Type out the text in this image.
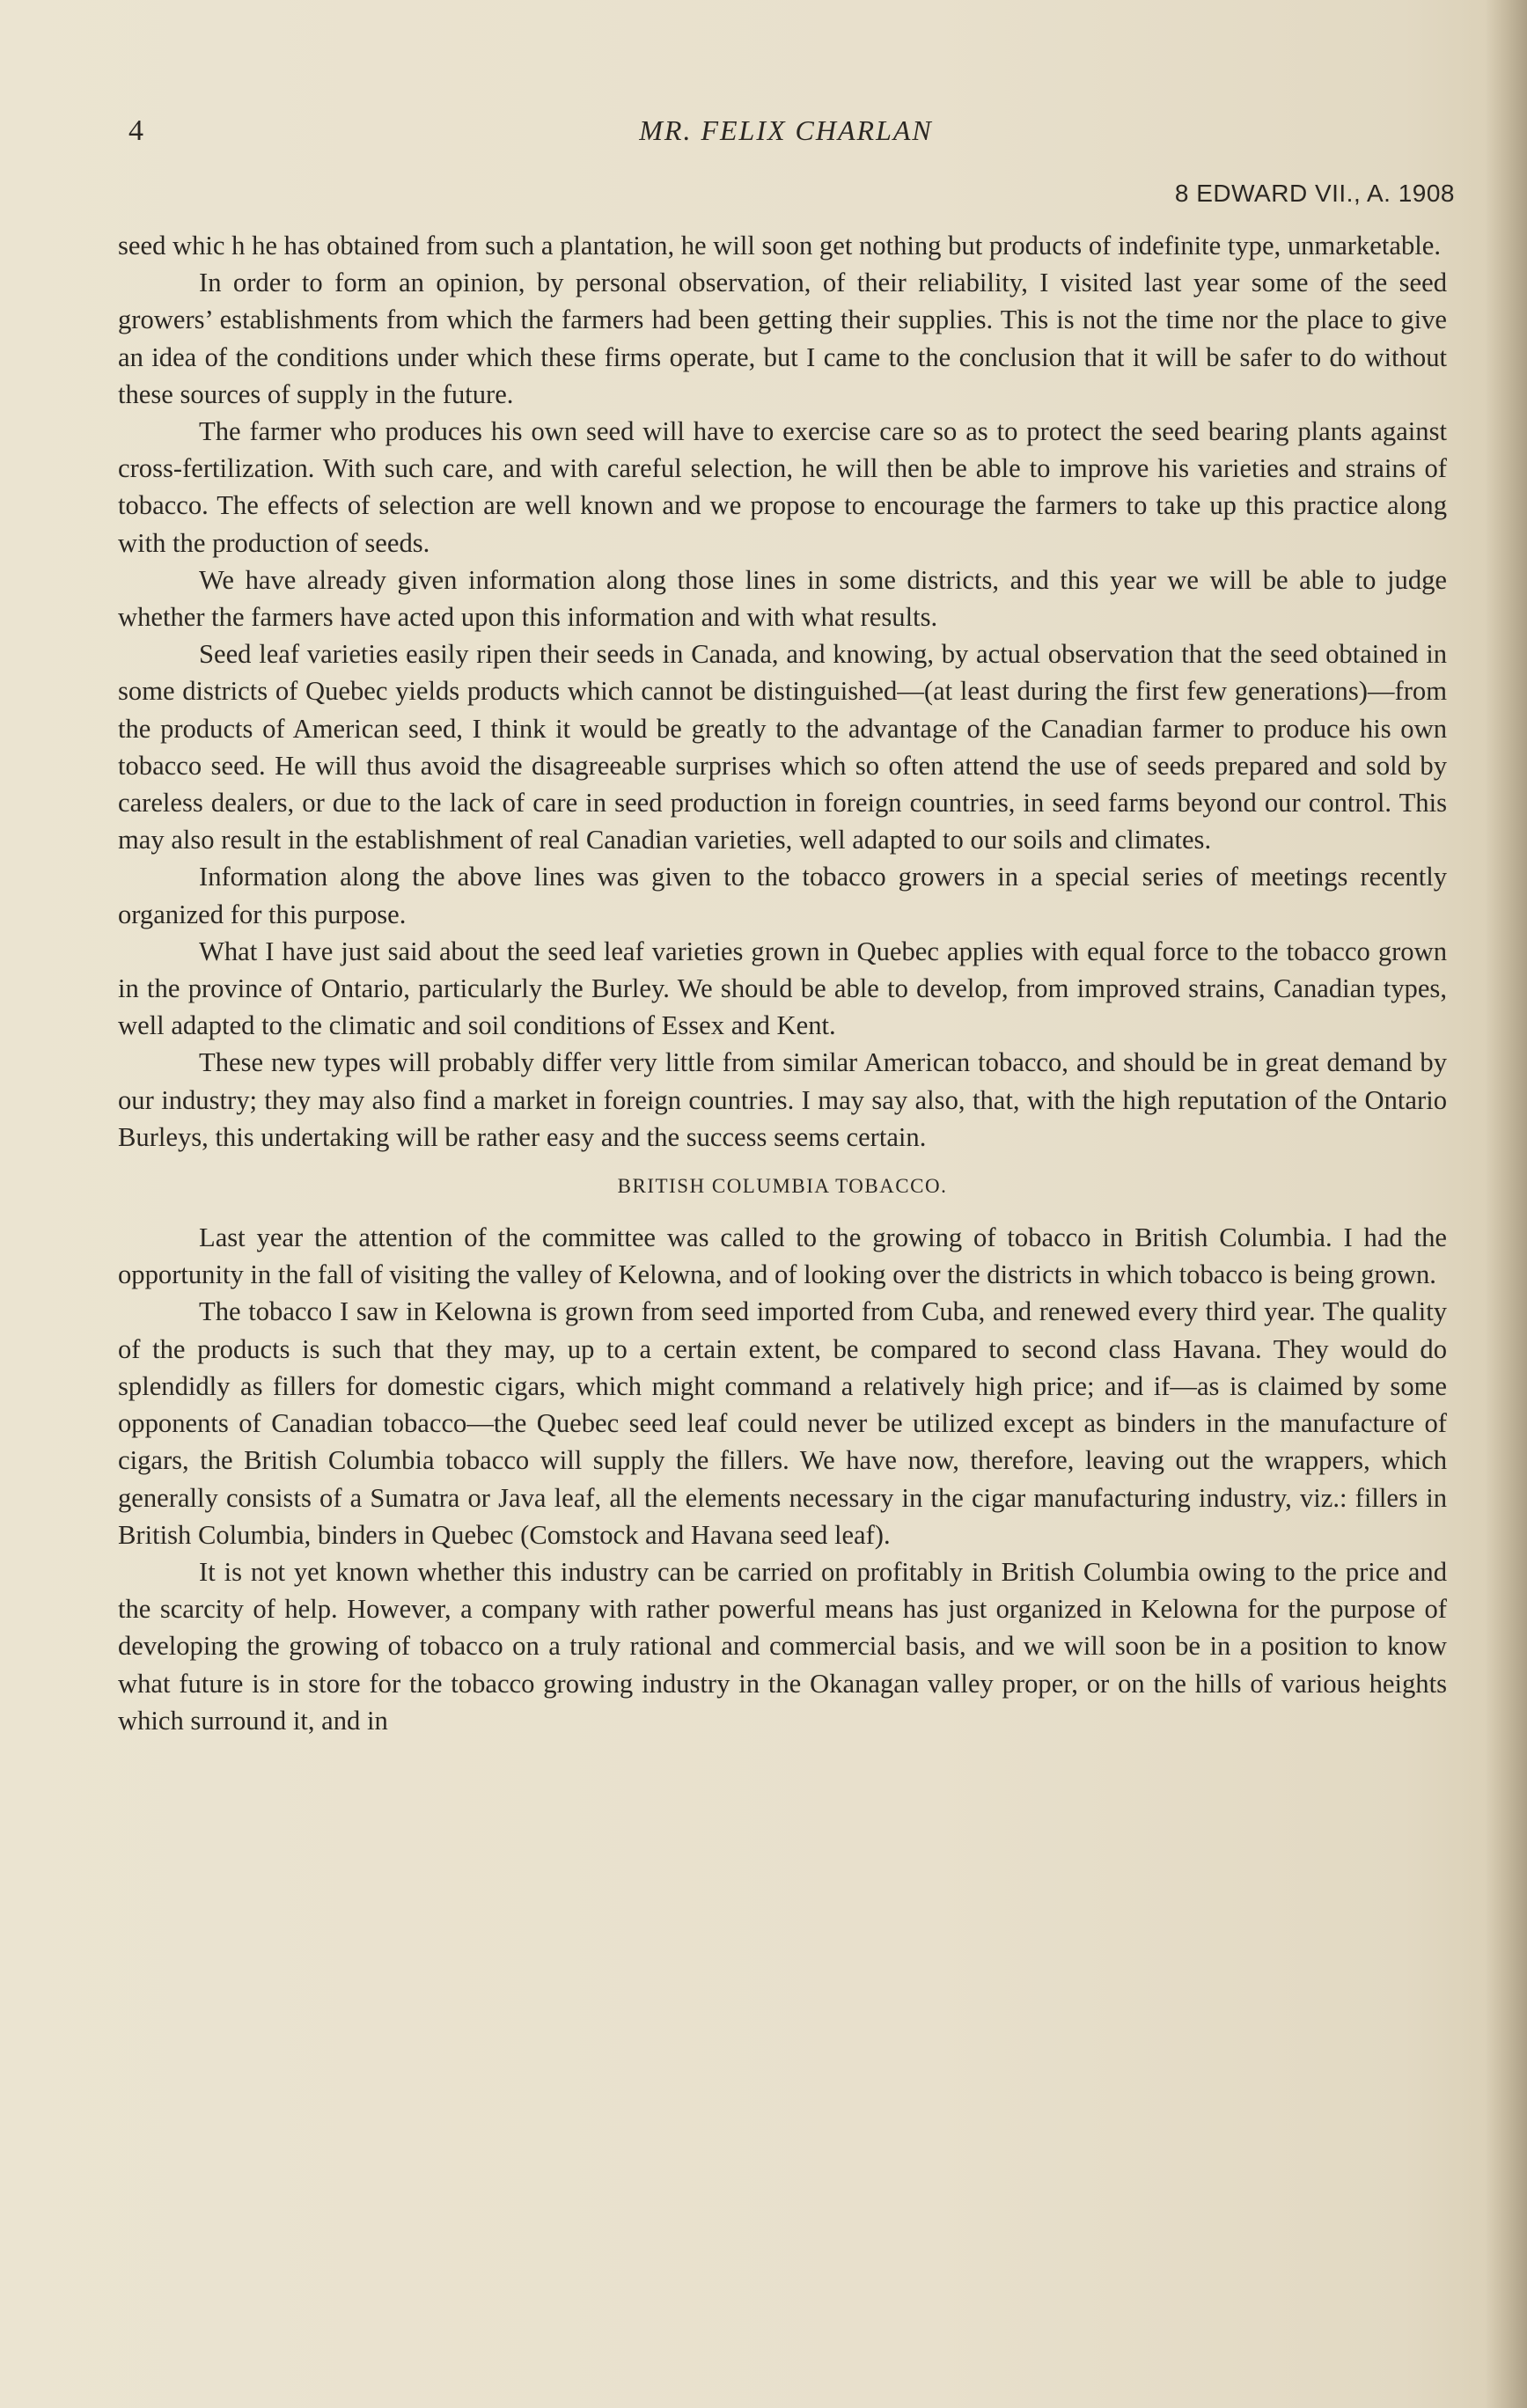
4	MR. FELIX CHARLAN
8 EDWARD VII., A. 1908

seed whic h he has obtained from such a plantation, he will soon get nothing but products of indefinite type, unmarketable.

In order to form an opinion, by personal observation, of their reliability, I visited last year some of the seed growers’ establishments from which the farmers had been getting their supplies. This is not the time nor the place to give an idea of the conditions under which these firms operate, but I came to the conclusion that it will be safer to do without these sources of supply in the future.

The farmer who produces his own seed will have to exercise care so as to protect the seed bearing plants against cross-fertilization. With such care, and with careful selection, he will then be able to improve his varieties and strains of tobacco. The effects of selection are well known and we propose to encourage the farmers to take up this practice along with the production of seeds.

We have already given information along those lines in some districts, and this year we will be able to judge whether the farmers have acted upon this information and with what results.

Seed leaf varieties easily ripen their seeds in Canada, and knowing, by actual observation that the seed obtained in some districts of Quebec yields products which cannot be distinguished—(at least during the first few generations)—from the products of American seed, I think it would be greatly to the advantage of the Canadian farmer to produce his own tobacco seed. He will thus avoid the disagreeable surprises which so often attend the use of seeds prepared and sold by careless dealers, or due to the lack of care in seed production in foreign countries, in seed farms beyond our control. This may also result in the establishment of real Canadian varieties, well adapted to our soils and climates.

Information along the above lines was given to the tobacco growers in a special series of meetings recently organized for this purpose.

What I have just said about the seed leaf varieties grown in Quebec applies with equal force to the tobacco grown in the province of Ontario, particularly the Burley. We should be able to develop, from improved strains, Canadian types, well adapted to the climatic and soil conditions of Essex and Kent.

These new types will probably differ very little from similar American tobacco, and should be in great demand by our industry; they may also find a market in foreign countries. I may say also, that, with the high reputation of the Ontario Burleys, this undertaking will be rather easy and the success seems certain.

BRITISH COLUMBIA TOBACCO.

Last year the attention of the committee was called to the growing of tobacco in British Columbia. I had the opportunity in the fall of visiting the valley of Kelowna, and of looking over the districts in which tobacco is being grown.

The tobacco I saw in Kelowna is grown from seed imported from Cuba, and renewed every third year. The quality of the products is such that they may, up to a certain extent, be compared to second class Havana. They would do splendidly as fillers for domestic cigars, which might command a relatively high price; and if—as is claimed by some opponents of Canadian tobacco—the Quebec seed leaf could never be utilized except as binders in the manufacture of cigars, the British Columbia tobacco will supply the fillers. We have now, therefore, leaving out the wrappers, which generally consists of a Sumatra or Java leaf, all the elements necessary in the cigar manufacturing industry, viz.: fillers in British Columbia, binders in Quebec (Comstock and Havana seed leaf).

It is not yet known whether this industry can be carried on profitably in British Columbia owing to the price and the scarcity of help. However, a company with rather powerful means has just organized in Kelowna for the purpose of developing the growing of tobacco on a truly rational and commercial basis, and we will soon be in a position to know what future is in store for the tobacco growing industry in the Okanagan valley proper, or on the hills of various heights which surround it, and in
